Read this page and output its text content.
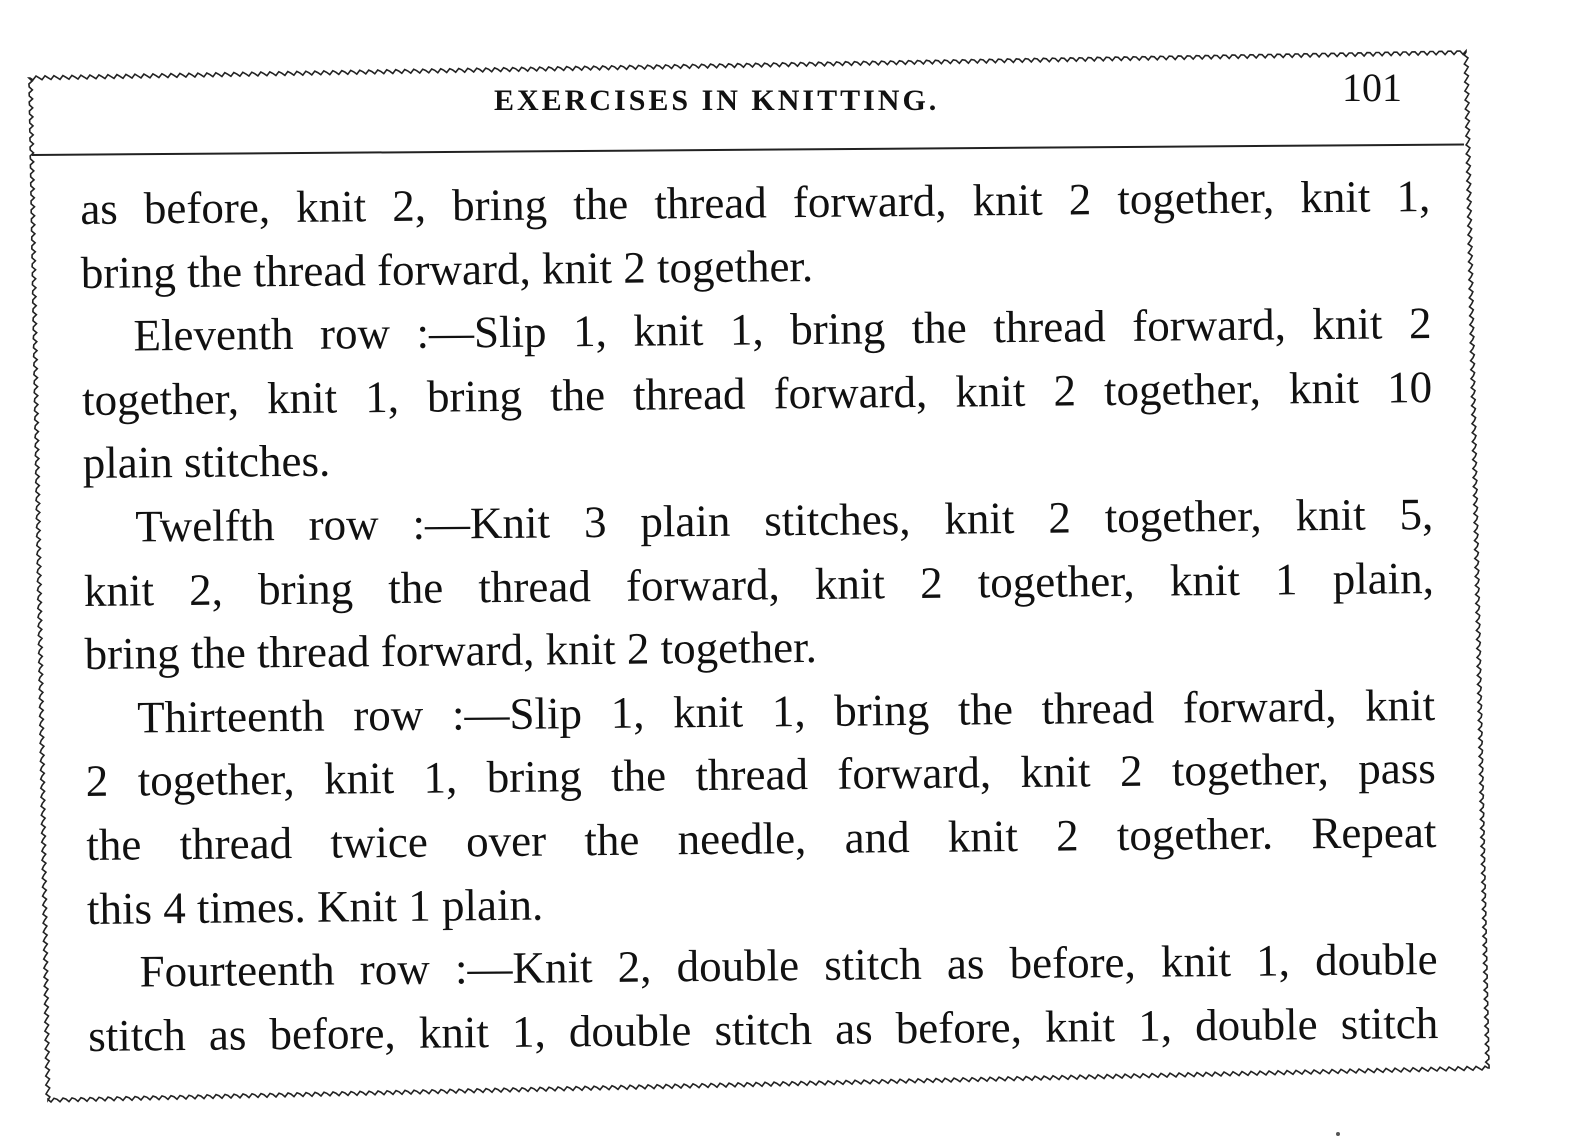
EXERCISES IN KNITTING.	101

as before, knit 2, bring the thread forward, knit 2 together, knit 1,
bring the thread forward, knit 2 together.

Eleventh row :—Slip 1, knit 1, bring the thread forward, knit 2
together, knit 1, bring the thread forward, knit 2 together, knit 10
plain stitches.

Twelfth row :—Knit 3 plain stitches, knit 2 together, knit 5,
knit 2, bring the thread forward, knit 2 together, knit 1 plain,
bring the thread forward, knit 2 together.

Thirteenth row :—Slip 1, knit 1, bring the thread forward, knit
2 together, knit 1, bring the thread forward, knit 2 together, pass
the thread twice over the needle, and knit 2 together. Repeat
this 4 times. Knit 1 plain.

Fourteenth row :—Knit 2, double stitch as before, knit 1, double
stitch as before, knit 1, double stitch as before, knit 1, double stitch
